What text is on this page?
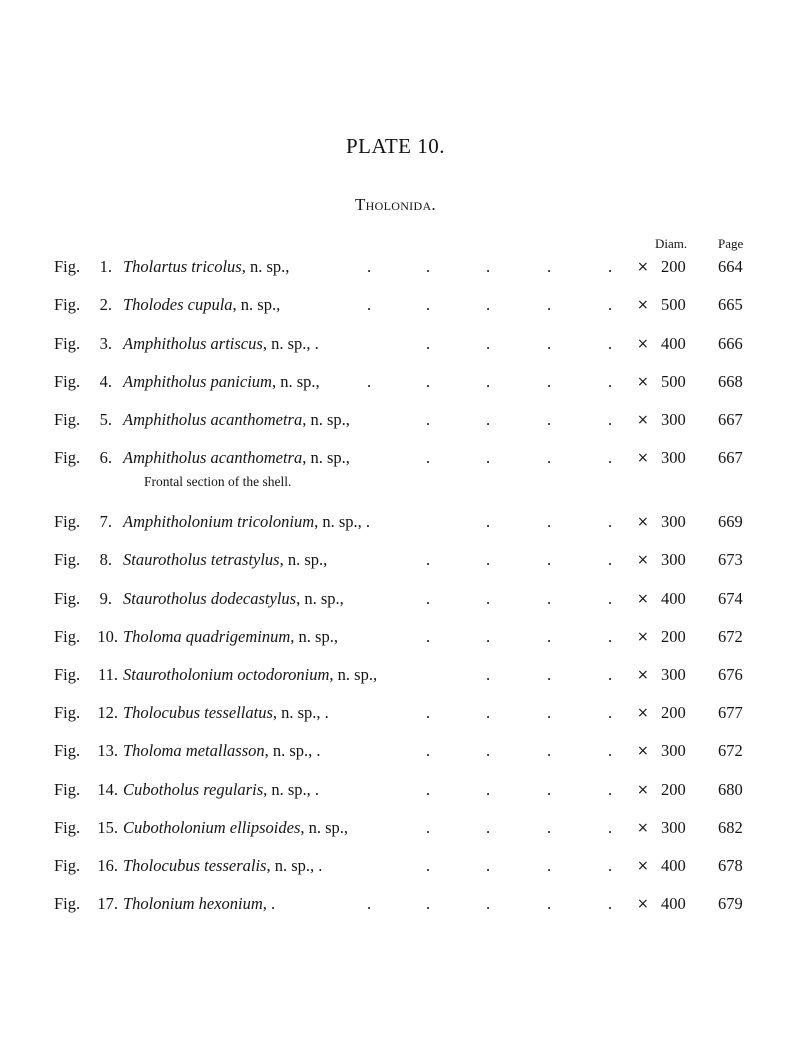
PLATE 10.
Tholonida.
Diam. Page
Fig.	1. Tholartus tricolus, n. sp.,	.	.	.	.	. × 200 664
Fig.	2. Tholodes cupula, n. sp.,	.	.	.	.	. × 500 665
Fig.	3. Amphitholus artiscus, n. sp., .	.	.	.	. × 400 666
Fig.	4. Amphitholus panicium, n. sp.,	.	.	.	.	. × 500 668
Fig.	5. Amphitholus acanthometra, n. sp.,	.	.	.	. × 300 667
Fig.	6. Amphitholus acanthometra, n. sp.,	.	.	.	. × 300 667
Frontal section of the shell.
Fig.	7. Amphitholonium tricolonium, n. sp., .	.	.	. × 300 669
Fig.	8. Staurotholus tetrastylus, n. sp.,	.	.	.	. × 300 673
Fig.	9. Staurotholus dodecastylus, n. sp.,	.	.	.	. × 400 674
Fig.	10. Tholoma quadrigeminum, n. sp.,	.	.	.	. × 200 672
Fig.	11. Staurotholonium octodoronium, n. sp.,	.	.	. × 300 676
Fig.	12. Tholocubus tessellatus, n. sp., .	.	.	.	. × 200 677
Fig.	13. Tholoma metallasson, n. sp., .	.	.	.	. × 300 672
Fig.	14. Cubotholus regularis, n. sp., .	.	.	.	. × 200 680
Fig.	15. Cubotholonium ellipsoides, n. sp.,	.	.	.	. × 300 682
Fig.	16. Tholocubus tesseralis, n. sp., .	.	.	.	. × 400 678
Fig.	17. Tholonium hexonium, .	.	.	.	.	. × 400 679
